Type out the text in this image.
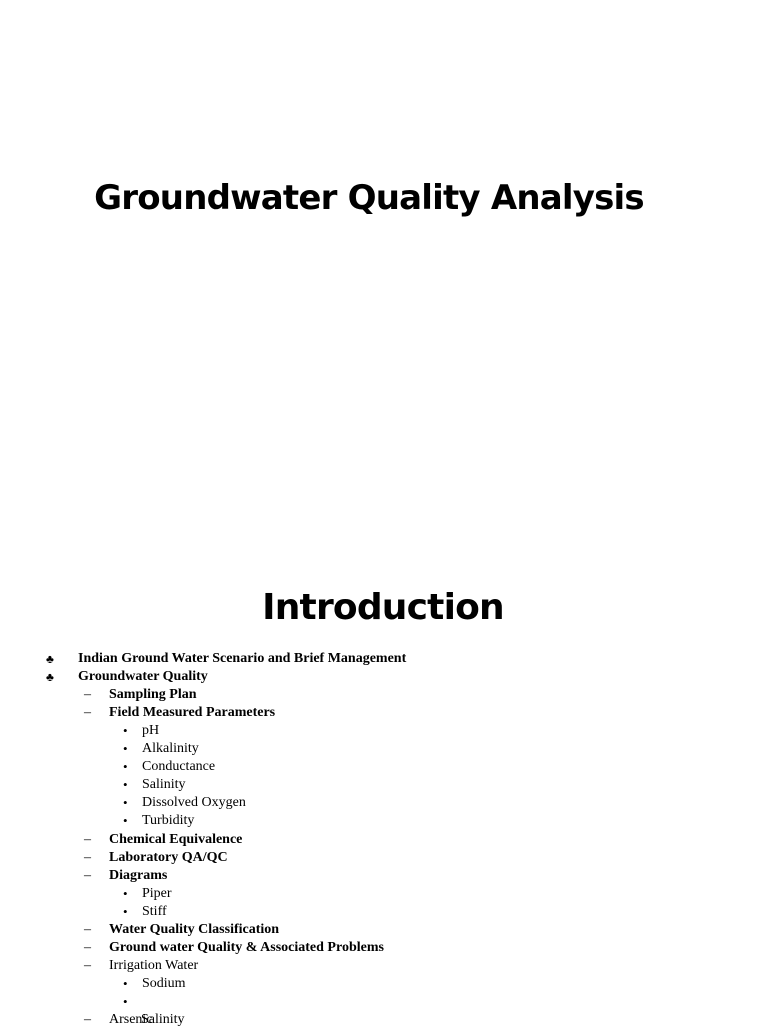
Groundwater Quality Analysis
Introduction
♣ Indian Ground Water Scenario and Brief Management
♣ Groundwater Quality
– Sampling Plan
– Field Measured Parameters
• pH
• Alkalinity
• Conductance
• Salinity
• Dissolved Oxygen
• Turbidity
– Chemical Equivalence
– Laboratory QA/QC
– Diagrams
• Piper
• Stiff
– Water Quality Classification
– Ground water Quality & Associated Problems
– Irrigation Water
• Sodium
•
– Arsenic
Salinity
